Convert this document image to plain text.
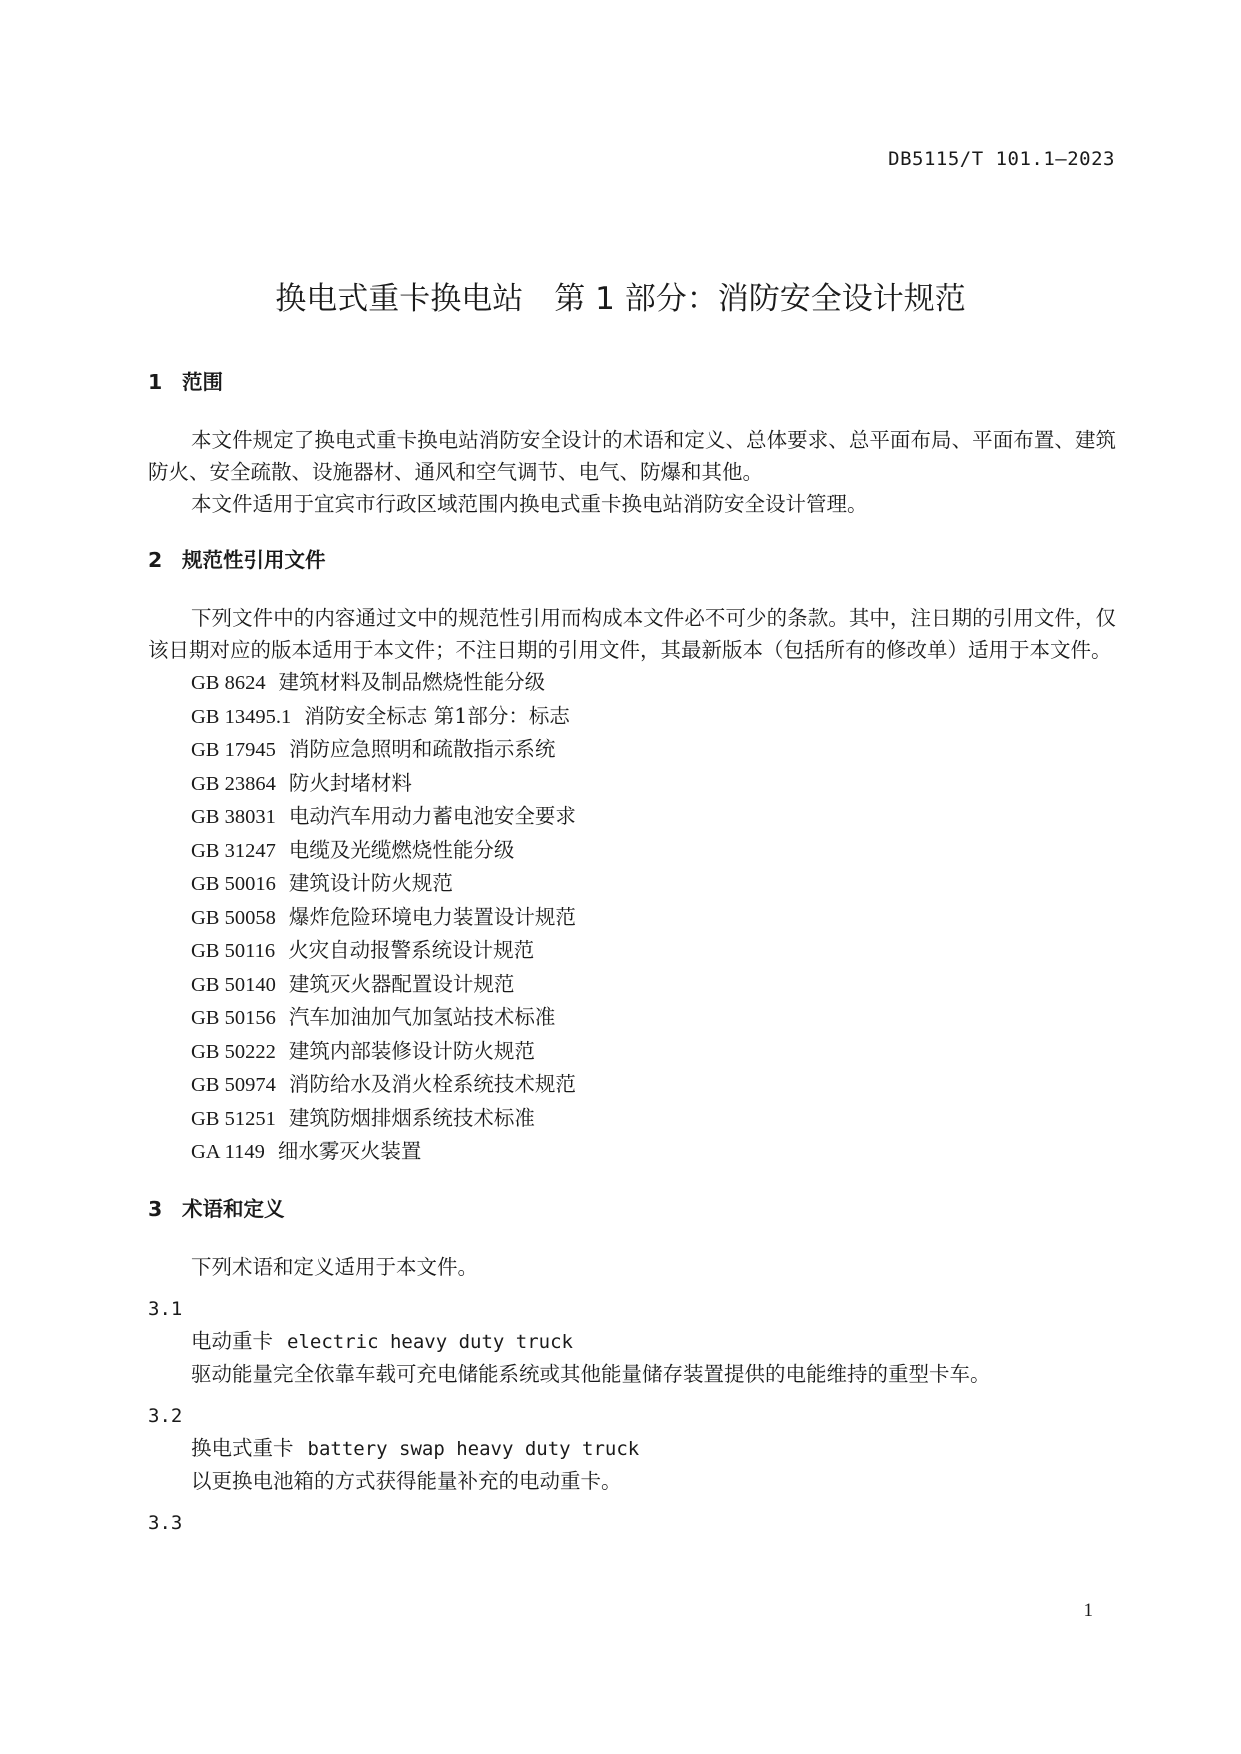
DB5115/T 101.1—2023
换电式重卡换电站　第 1 部分：消防安全设计规范
1 范围

本文件规定了换电式重卡换电站消防安全设计的术语和定义、总体要求、总平面布局、平面布置、建筑防火、安全疏散、设施器材、通风和空气调节、电气、防爆和其他。

本文件适用于宜宾市行政区域范围内换电式重卡换电站消防安全设计管理。

2 规范性引用文件

下列文件中的内容通过文中的规范性引用而构成本文件必不可少的条款。其中，注日期的引用文件，仅该日期对应的版本适用于本文件；不注日期的引用文件，其最新版本（包括所有的修改单）适用于本文件。

GB 8624 建筑材料及制品燃烧性能分级
GB 13495.1 消防安全标志 第1部分：标志
GB 17945 消防应急照明和疏散指示系统
GB 23864 防火封堵材料
GB 38031 电动汽车用动力蓄电池安全要求
GB 31247 电缆及光缆燃烧性能分级
GB 50016 建筑设计防火规范
GB 50058 爆炸危险环境电力装置设计规范
GB 50116 火灾自动报警系统设计规范
GB 50140 建筑灭火器配置设计规范
GB 50156 汽车加油加气加氢站技术标准
GB 50222 建筑内部装修设计防火规范
GB 50974 消防给水及消火栓系统技术规范
GB 51251 建筑防烟排烟系统技术标准
GA 1149 细水雾灭火装置
3 术语和定义

下列术语和定义适用于本文件。

3.1

电动重卡 electric heavy duty truck

驱动能量完全依靠车载可充电储能系统或其他能量储存装置提供的电能维持的重型卡车。

3.2

换电式重卡 battery swap heavy duty truck

以更换电池箱的方式获得能量补充的电动重卡。

3.3

1
